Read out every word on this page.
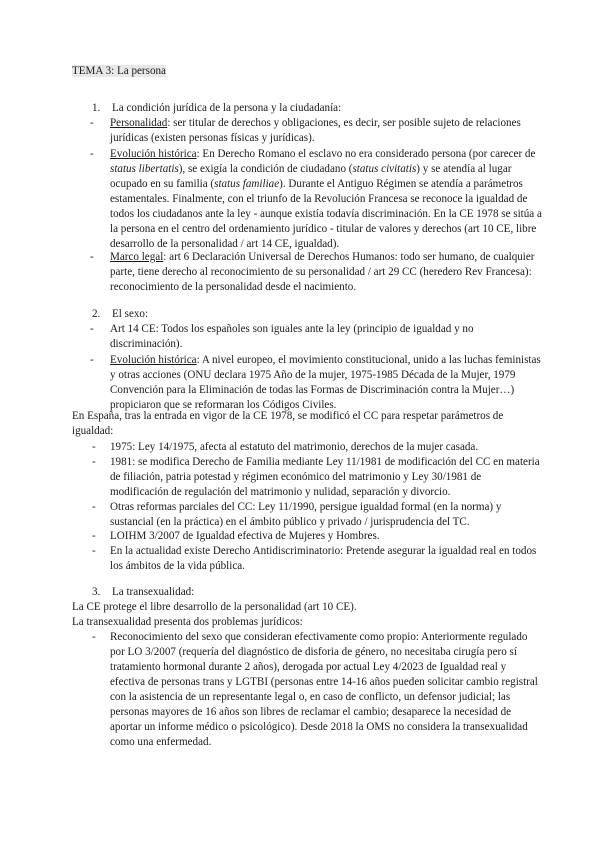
TEMA 3: La persona

1. La condición jurídica de la persona y la ciudadanía:

- Personalidad: ser titular de derechos y obligaciones, es decir, ser posible sujeto de relaciones jurídicas (existen personas físicas y jurídicas).
- Evolución histórica: En Derecho Romano el esclavo no era considerado persona (por carecer de status libertatis), se exigía la condición de ciudadano (status civitatis) y se atendía al lugar ocupado en su familia (status familiae). Durante el Antiguo Régimen se atendía a parámetros estamentales. Finalmente, con el triunfo de la Revolución Francesa se reconoce la igualdad de todos los ciudadanos ante la ley - aunque existía todavía discriminación. En la CE 1978 se sitúa a la persona en el centro del ordenamiento jurídico - titular de valores y derechos (art 10 CE, libre desarrollo de la personalidad / art 14 CE, igualdad).
- Marco legal: art 6 Declaración Universal de Derechos Humanos: todo ser humano, de cualquier parte, tiene derecho al reconocimiento de su personalidad / art 29 CC (heredero Rev Francesa): reconocimiento de la personalidad desde el nacimiento.

2. El sexo:

- Art 14 CE: Todos los españoles son iguales ante la ley (principio de igualdad y no discriminación).
- Evolución histórica: A nivel europeo, el movimiento constitucional, unido a las luchas feministas y otras acciones (ONU declara 1975 Año de la mujer, 1975-1985 Década de la Mujer, 1979 Convención para la Eliminación de todas las Formas de Discriminación contra la Mujer…) propiciaron que se reformaran los Códigos Civiles.

En España, tras la entrada en vigor de la CE 1978, se modificó el CC para respetar parámetros de igualdad:

- 1975: Ley 14/1975, afecta al estatuto del matrimonio, derechos de la mujer casada.
- 1981: se modifica Derecho de Familia mediante Ley 11/1981 de modificación del CC en materia de filiación, patria potestad y régimen económico del matrimonio y Ley 30/1981 de modificación de regulación del matrimonio y nulidad, separación y divorcio.
- Otras reformas parciales del CC: Ley 11/1990, persigue igualdad formal (en la norma) y sustancial (en la práctica) en el ámbito público y privado / jurisprudencia del TC.
- LOIHM 3/2007 de Igualdad efectiva de Mujeres y Hombres.
- En la actualidad existe Derecho Antidiscriminatorio: Pretende asegurar la igualdad real en todos los ámbitos de la vida pública.

3. La transexualidad:

La CE protege el libre desarrollo de la personalidad (art 10 CE).

La transexualidad presenta dos problemas jurídicos:

- Reconocimiento del sexo que consideran efectivamente como propio: Anteriormente regulado por LO 3/2007 (requería del diagnóstico de disforia de género, no necesitaba cirugía pero sí tratamiento hormonal durante 2 años), derogada por actual Ley 4/2023 de Igualdad real y efectiva de personas trans y LGTBI (personas entre 14-16 años pueden solicitar cambio registral con la asistencia de un representante legal o, en caso de conflicto, un defensor judicial; las personas mayores de 16 años son libres de reclamar el cambio; desaparece la necesidad de aportar un informe médico o psicológico). Desde 2018 la OMS no considera la transexualidad como una enfermedad.
